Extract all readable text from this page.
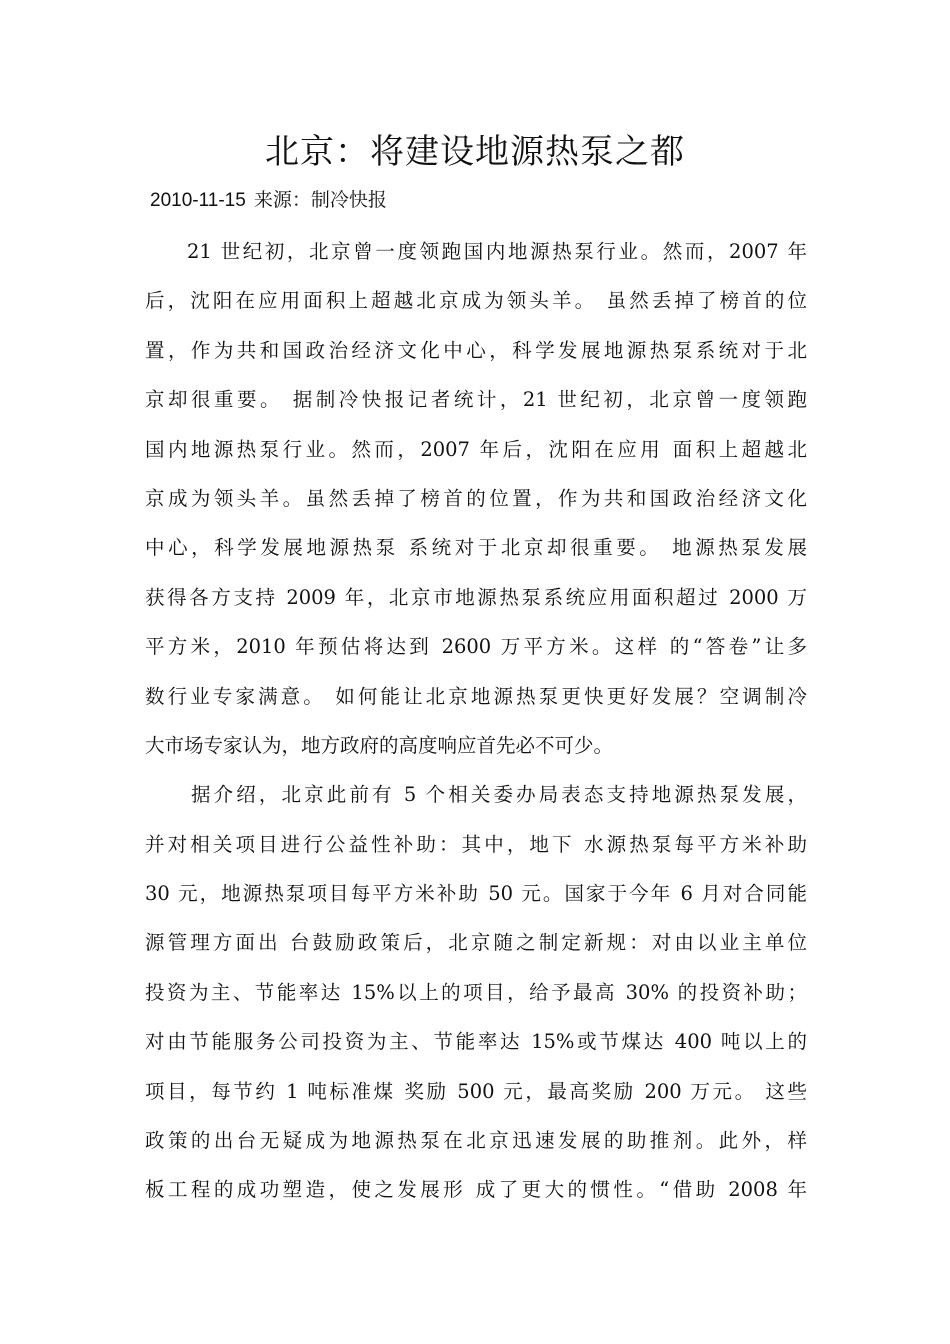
北京：将建设地源热泵之都
2010-11-15 来源：制冷快报
21 世纪初，北京曾一度领跑国内地源热泵行业。然而，2007 年
后，沈阳在应用面积上超越北京成为领头羊。 虽然丢掉了榜首的位
置，作为共和国政治经济文化中心，科学发展地源热泵系统对于北
京却很重要。 据制冷快报记者统计，21 世纪初，北京曾一度领跑
国内地源热泵行业。然而，2007 年后，沈阳在应用 面积上超越北
京成为领头羊。虽然丢掉了榜首的位置，作为共和国政治经济文化
中心，科学发展地源热泵 系统对于北京却很重要。 地源热泵发展
获得各方支持 2009 年，北京市地源热泵系统应用面积超过 2000 万
平方米，2010 年预估将达到 2600 万平方米。这样 的“答卷”让多
数行业专家满意。 如何能让北京地源热泵更快更好发展？空调制冷
大市场专家认为，地方政府的高度响应首先必不可少。
据介绍，北京此前有 5 个相关委办局表态支持地源热泵发展，
并对相关项目进行公益性补助：其中，地下 水源热泵每平方米补助
30 元，地源热泵项目每平方米补助 50 元。国家于今年 6 月对合同能
源管理方面出 台鼓励政策后，北京随之制定新规：对由以业主单位
投资为主、节能率达 15%以上的项目，给予最高 30% 的投资补助；
对由节能服务公司投资为主、节能率达 15%或节煤达 400 吨以上的
项目，每节约 1 吨标准煤 奖励 500 元，最高奖励 200 万元。 这些
政策的出台无疑成为地源热泵在北京迅速发展的助推剂。此外，样
板工程的成功塑造，使之发展形 成了更大的惯性。“借助 2008 年
